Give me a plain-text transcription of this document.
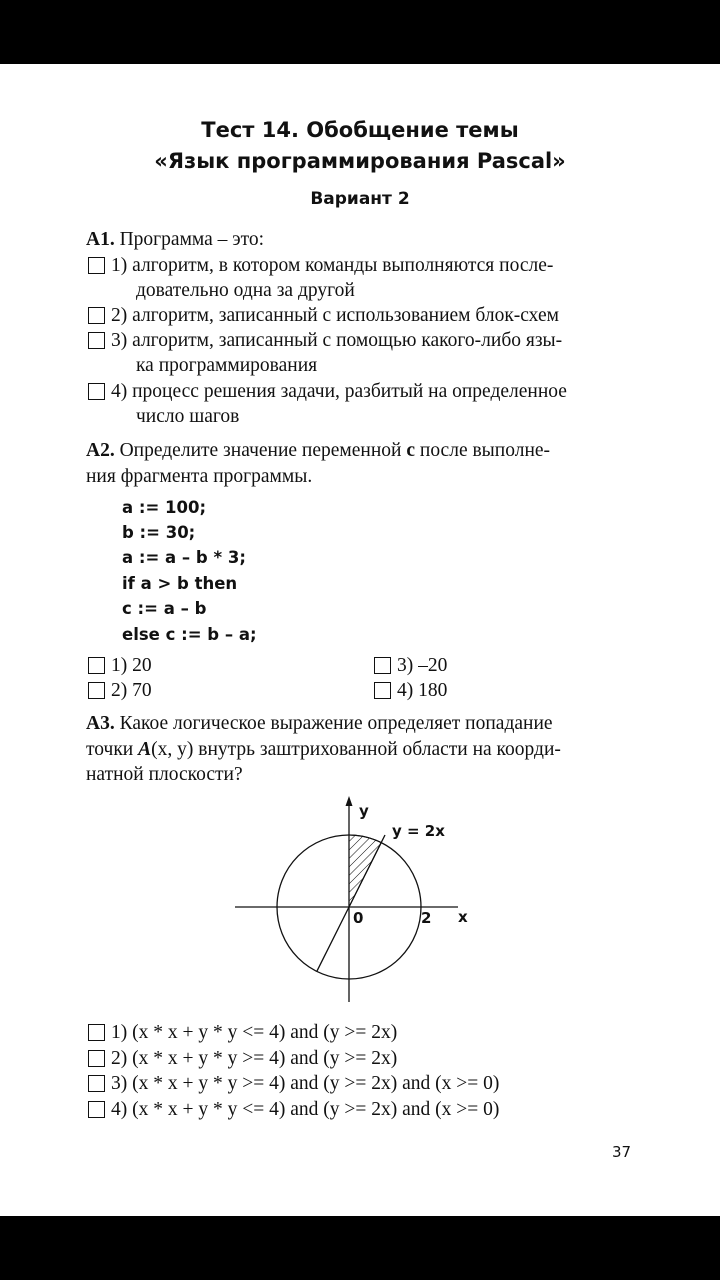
Тест 14. Обобщение темы
«Язык программирования Pascal»
Вариант 2
А1. Программа – это:
1) алгоритм, в котором команды выполняются после-
довательно одна за другой
2) алгоритм, записанный с использованием блок-схем
3) алгоритм, записанный с помощью какого-либо язы-
ка программирования
4) процесс решения задачи, разбитый на определенное
число шагов
А2. Определите значение переменной c после выполне-
ния фрагмента программы.
a := 100;
b := 30;
a := a – b * 3;
if a > b then
c := a – b
else c := b – a;
1) 20
2) 70
3) –20
4) 180
А3. Какое логическое выражение определяет попадание
точки A(x, y) внутрь заштрихованной области на коорди-
натной плоскости?
y
x
0	2
y = 2x
1) (x * x + y * y <= 4) and (y >= 2x)
2) (x * x + y * y >= 4) and (y >= 2x)
3) (x * x + y * y >= 4) and (y >= 2x) and (x >= 0)
4) (x * x + y * y <= 4) and (y >= 2x) and (x >= 0)
37
